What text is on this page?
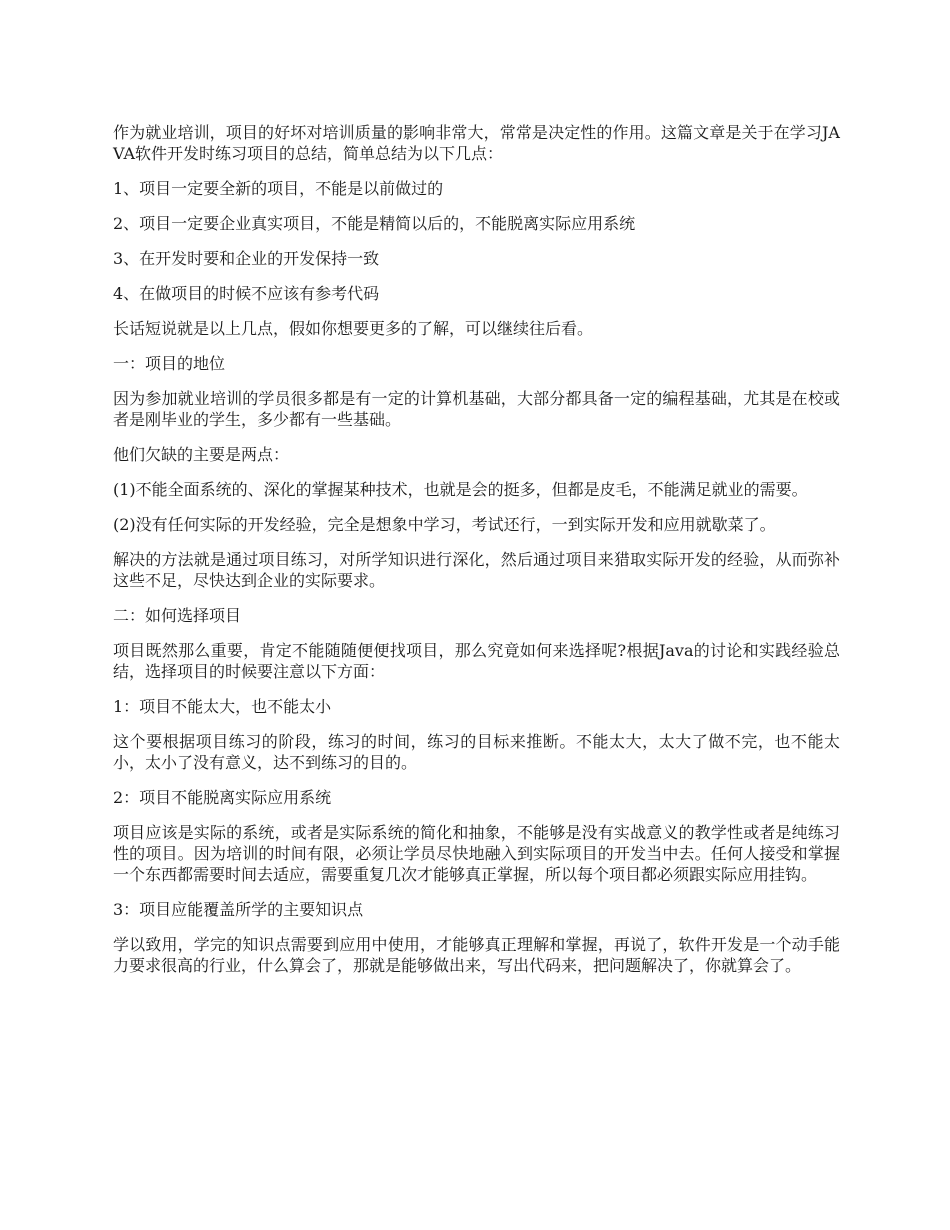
作为就业培训，项目的好坏对培训质量的影响非常大，常常是决定性的作用。这篇文章是关于在学习JAVA软件开发时练习项目的总结，简单总结为以下几点：

1、项目一定要全新的项目，不能是以前做过的

2、项目一定要企业真实项目，不能是精简以后的，不能脱离实际应用系统

3、在开发时要和企业的开发保持一致

4、在做项目的时候不应该有参考代码

长话短说就是以上几点，假如你想要更多的了解，可以继续往后看。

一：项目的地位

因为参加就业培训的学员很多都是有一定的计算机基础，大部分都具备一定的编程基础，尤其是在校或者是刚毕业的学生，多少都有一些基础。

他们欠缺的主要是两点：

(1)不能全面系统的、深化的掌握某种技术，也就是会的挺多，但都是皮毛，不能满足就业的需要。

(2)没有任何实际的开发经验，完全是想象中学习，考试还行，一到实际开发和应用就歇菜了。

解决的方法就是通过项目练习，对所学知识进行深化，然后通过项目来猎取实际开发的经验，从而弥补这些不足，尽快达到企业的实际要求。

二：如何选择项目

项目既然那么重要，肯定不能随随便便找项目，那么究竟如何来选择呢?根据Java的讨论和实践经验总结，选择项目的时候要注意以下方面：

1：项目不能太大，也不能太小

这个要根据项目练习的阶段，练习的时间，练习的目标来推断。不能太大，太大了做不完，也不能太小，太小了没有意义，达不到练习的目的。

2：项目不能脱离实际应用系统

项目应该是实际的系统，或者是实际系统的简化和抽象，不能够是没有实战意义的教学性或者是纯练习性的项目。因为培训的时间有限，必须让学员尽快地融入到实际项目的开发当中去。任何人接受和掌握一个东西都需要时间去适应，需要重复几次才能够真正掌握，所以每个项目都必须跟实际应用挂钩。

3：项目应能覆盖所学的主要知识点

学以致用，学完的知识点需要到应用中使用，才能够真正理解和掌握，再说了，软件开发是一个动手能力要求很高的行业，什么算会了，那就是能够做出来，写出代码来，把问题解决了，你就算会了。
